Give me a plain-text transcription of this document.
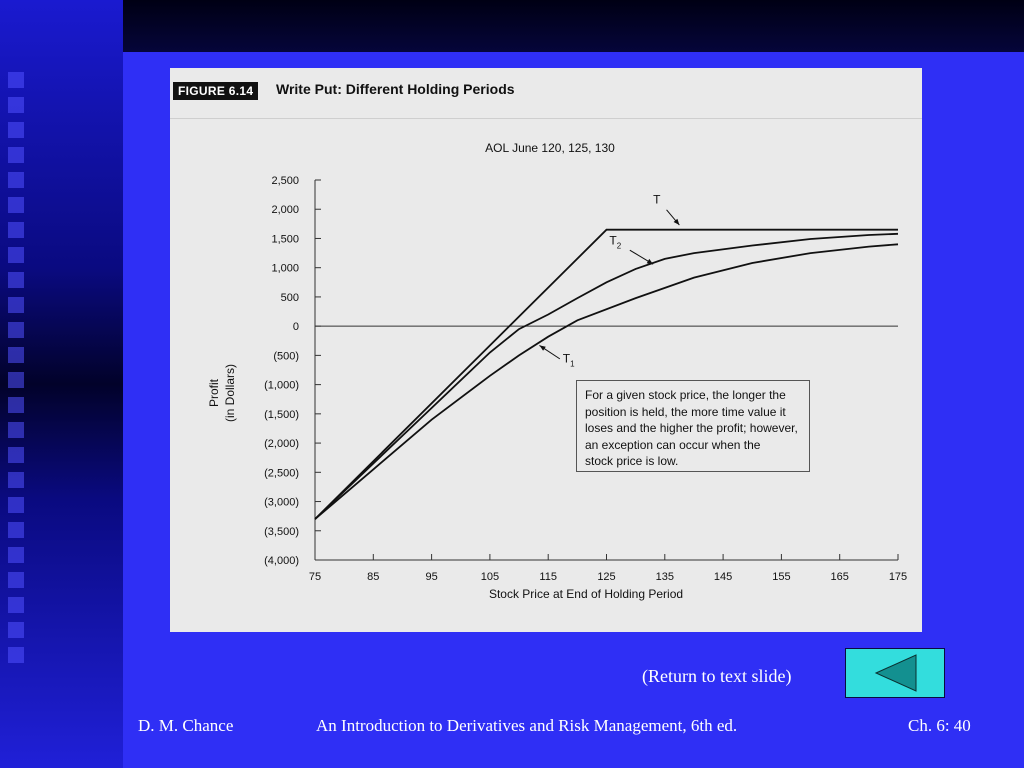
FIGURE 6.14	Write Put: Different Holding Periods
AOL June 120, 125, 130
2,500
2,000
1,500
1,000
500
0
(500)
(1,000)
(1,500)
(2,000)
(2,500)
(3,000)
(3,500)
(4,000)
75	85	95	105	115	125	135	145	155	165	175
T
$T_2$
$T_1$
Stock Price at End of Holding Period
Profit (in Dollars)	For a given stock price, the longer the
position is held, the more time value it
loses and the higher the profit; however,
an exception can occur when the
stock price is low.
(Return to text slide)
D. M. Chance	An Introduction to Derivatives and Risk Management, 6th ed.	Ch. 6: 40
